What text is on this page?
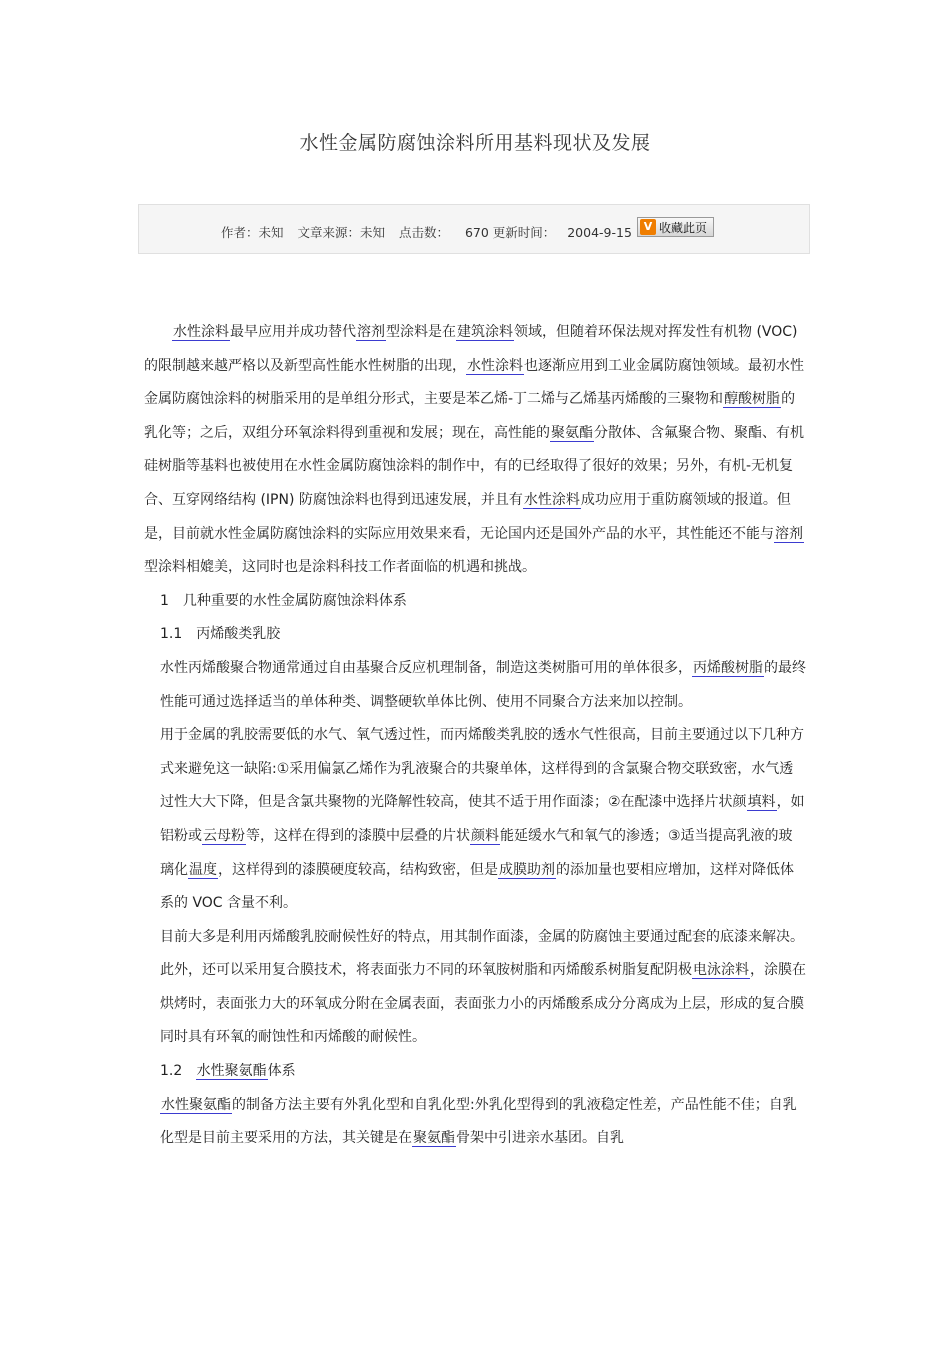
水性金属防腐蚀涂料所用基料现状及发展
作者：未知 文章来源：未知 点击数： 670 更新时间： 2004-9-15	V 收藏此页

水性涂料最早应用并成功替代溶剂型涂料是在建筑涂料领域，但随着环保法规对挥发性有机物 (VOC) 的限制越来越严格以及新型高性能水性树脂的出现，水性涂料也逐渐应用到工业金属防腐蚀领域。最初水性金属防腐蚀涂料的树脂采用的是单组分形式，主要是苯乙烯-丁二烯与乙烯基丙烯酸的三聚物和醇酸树脂的乳化等；之后，双组分环氧涂料得到重视和发展；现在，高性能的聚氨酯分散体、含氟聚合物、聚酯、有机硅树脂等基料也被使用在水性金属防腐蚀涂料的制作中，有的已经取得了很好的效果；另外，有机-无机复合、互穿网络结构 (IPN) 防腐蚀涂料也得到迅速发展，并且有水性涂料成功应用于重防腐领域的报道。但是，目前就水性金属防腐蚀涂料的实际应用效果来看，无论国内还是国外产品的水平，其性能还不能与溶剂型涂料相媲美，这同时也是涂料科技工作者面临的机遇和挑战。

1　几种重要的水性金属防腐蚀涂料体系

1.1　丙烯酸类乳胶

水性丙烯酸聚合物通常通过自由基聚合反应机理制备，制造这类树脂可用的单体很多，丙烯酸树脂的最终性能可通过选择适当的单体种类、调整硬软单体比例、使用不同聚合方法来加以控制。

用于金属的乳胶需要低的水气、氧气透过性，而丙烯酸类乳胶的透水气性很高，目前主要通过以下几种方式来避免这一缺陷:①采用偏氯乙烯作为乳液聚合的共聚单体，这样得到的含氯聚合物交联致密，水气透过性大大下降，但是含氯共聚物的光降解性较高，使其不适于用作面漆；②在配漆中选择片状颜填料，如铝粉或云母粉等，这样在得到的漆膜中层叠的片状颜料能延缓水气和氧气的渗透；③适当提高乳液的玻璃化温度，这样得到的漆膜硬度较高，结构致密，但是成膜助剂的添加量也要相应增加，这样对降低体系的 VOC 含量不利。

目前大多是利用丙烯酸乳胶耐候性好的特点，用其制作面漆，金属的防腐蚀主要通过配套的底漆来解决。此外，还可以采用复合膜技术，将表面张力不同的环氧胺树脂和丙烯酸系树脂复配阴极电泳涂料，涂膜在烘烤时，表面张力大的环氧成分附在金属表面，表面张力小的丙烯酸系成分分离成为上层，形成的复合膜同时具有环氧的耐蚀性和丙烯酸的耐候性。

1.2 水性聚氨酯体系

水性聚氨酯的制备方法主要有外乳化型和自乳化型:外乳化型得到的乳液稳定性差，产品性能不佳；自乳化型是目前主要采用的方法，其关键是在聚氨酯骨架中引进亲水基团。自乳
